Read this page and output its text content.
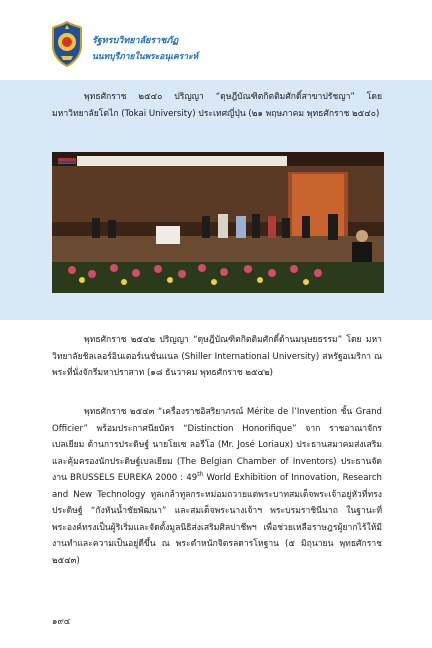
รัฐทรบวิทยาลัยราชภัฏ
นนทบุรีภายในพระอนุเคราะห์
พุทธศักราช ๒๕๔๐ ปริญญา “ดุษฎีบัณฑิตกิตติมศักดิ์สาขาปรัชญา” โดย มหาวิทยาลัยโตไก (Tokai University) ประเทศญี่ปุ่น (๒๑ พฤษภาคม พุทธศักราช ๒๕๔๐)
พุทธศักราช ๒๕๔๒ ปริญญา “ดุษฎีบัณฑิตกิตติมศักดิ์ด้านมนุษยธรรม” โดย มหาวิทยาลัยชิลเลอร์อินเตอร์เนชั่นแนล (Shiller International University) สหรัฐอเมริกา ณ พระที่นั่งจักรีมหาปราสาท (๑๘ ธันวาคม พุทธศักราช ๒๕๔๒)
พุทธศักราช ๒๕๔๓ “เครื่องราชอิสริยาภรณ์ Mérite de l’Invention ชั้น Grand Officier” พร้อมประกาศนียบัตร “Distinction Honorifique” จาก ราชอาณาจักรเบลเยียม ด้านการประดิษฐ์ นายโยเซ ลอรีโอ (Mr. José Loriaux) ประธานสมาคมส่งเสริมและคุ้มครองนักประดิษฐ์เบลเยียม (The Belgian Chamber of Inventors) ประธานจัดงาน BRUSSELS EUREKA 2000 : 49th World Exhibition of Innovation, Research and New Technology ทูลเกล้าทูลกระหม่อมถวายแด่พระบาทสมเด็จพระเจ้าอยู่หัวที่ทรงประดิษฐ์ “กังหันน้ำชัยพัฒนา” และสมเด็จพระนางเจ้าฯ พระบรมราชินีนาถ ในฐานะที่พระองค์ทรงเป็นผู้ริเริ่มและจัดตั้งมูลนิธิส่งเสริมศิลปาชีพฯ เพื่อช่วยเหลือราษฎรผู้ยากไร้ให้มีงานทำและความเป็นอยู่ดีขึ้น ณ พระตำหนักจิตรลดารโหฐาน (๕ มิถุนายน พุทธศักราช ๒๕๔๓)
๑๙๔
